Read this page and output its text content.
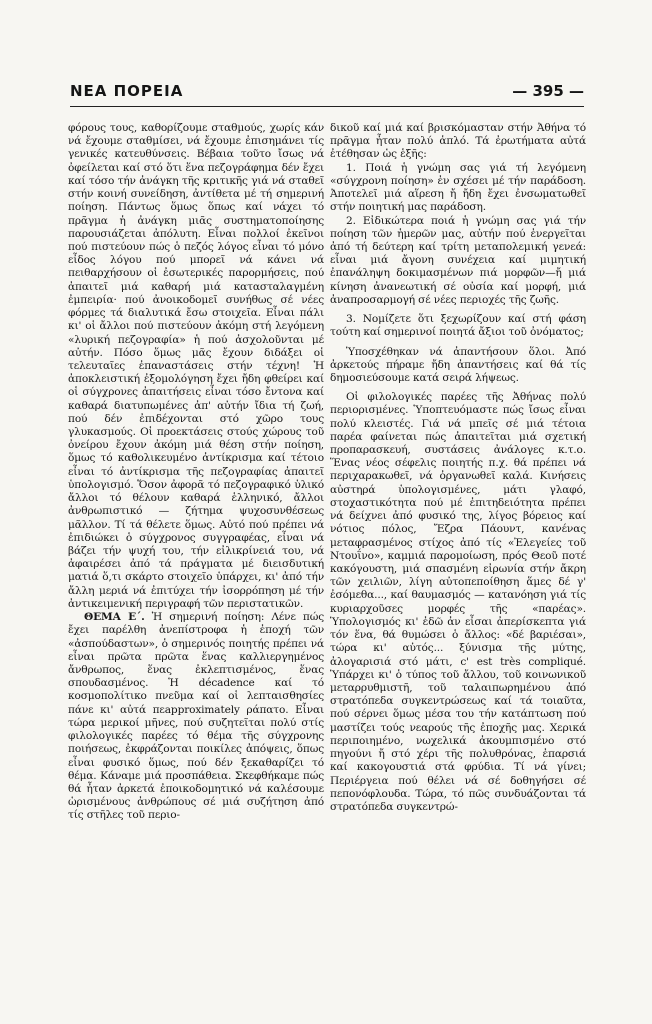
ΝΕΑ ΠΟΡΕΙΑ	— 395 —

φόρους τους, καθορίζουμε σταθμούς, χωρίς κάν νά ἔχουμε σταθμίσει, νά ἔχουμε ἐπισημάνει τίς γενικές κατευθύνσεις. Βέβαια τοῦτο ἴσως νά ὀφείλεται καί στό ὅτι ἕνα πεζογράφημα δέν ἔχει καί τόσο τήν ἀνάγκη τῆς κριτικῆς γιά νά σταθεῖ στήν κοινή συνείδηση, ἀντίθετα μέ τή σημερινή ποίηση. Πάντως ὅμως ὅπως καί νάχει τό πρᾶγμα ἡ ἀνάγκη μιᾶς συστηματοποίησης παρουσιάζεται ἀπόλυτη. Εἶναι πολλοί ἐκεῖνοι πού πιστεύουν πώς ὁ πεζός λόγος εἶναι τό μόνο εἶδος λόγου πού μπορεῖ νά κάνει νά πειθαρχήσουν οἱ ἐσωτερικές παρορμήσεις, πού ἀπαιτεῖ μιά καθαρή μιά κατασταλαγμένη ἐμπειρία· πού ἀνοικοδομεῖ συνήθως σέ νέες φόρμες τά διαλυτικά ἔσω στοιχεῖα. Εἶναι πάλι κι' οἱ ἄλλοι πού πιστεύουν ἀκόμη στή λεγόμενη «λυρική πεζογραφία» ἡ πού ἀσχολοῦνται μέ αὐτήν. Πόσο ὅμως μᾶς ἔχουν διδάξει οἱ τελευταῖες ἐπαναστάσεις στήν τέχνη! Ἡ ἀποκλειστική ἐξομολόγηση ἔχει ἤδη φθείρει καί οἱ σύγχρονες ἀπαιτήσεις εἶναι τόσο ἔντονα καί καθαρά διατυπωμένες ἀπ' αὐτήν ἴδια τή ζωή, πού δέν ἐπιδέχονται στό χῶρο τους γλυκασμούς. Οἱ προεκτάσεις στούς χώρους τοῦ ὀνείρου ἔχουν ἀκόμη μιά θέση στήν ποίηση, ὅμως τό καθολικευμένο ἀντίκρισμα καί τέτοιο εἶναι τό ἀντίκρισμα τῆς πεζογραφίας ἀπαιτεῖ ὑπολογισμό. Ὅσον ἀφορᾶ τό πεζογραφικό ὑλικό ἄλλοι τό θέλουν καθαρά ἑλληνικό, ἄλλοι ἀνθρωπιστικό — ζήτημα ψυχοσυνθέσεως μᾶλλον. Τί τά θέλετε ὅμως. Αὐτό πού πρέπει νά ἐπιδιώκει ὁ σύγχρονος συγγραφέας, εἶναι νά βάζει τήν ψυχή του, τήν εἰλικρίνειά του, νά ἀφαιρέσει ἀπό τά πράγματα μέ διεισδυτική ματιά ὅ,τι σκάρτο στοιχεῖο ὑπάρχει, κι' ἀπό τήν ἄλλη μεριά νά ἐπιτύχει τήν ἰσορρόπηση μέ τήν ἀντικειμενική περιγραφή τῶν περιστατικῶν.

ΘΕΜΑ Ε΄. Ἡ σημερινή ποίηση: Λένε πώς ἔχει παρέλθη ἀνεπίστροφα ἡ ἐποχή τῶν «ἀσπούδαστων», ὁ σημερινός ποιητής πρέπει νά εἶναι πρῶτα πρῶτα ἕνας καλλιεργημένος ἄνθρωπος, ἕνας ἐκλεπτισμένος, ἕνας σπουδασμένος. Ἡ décadence καί τό κοσμοπολίτικο πνεῦμα καί οἱ λεπταισθησίες πάνε κι' αὐτά πεapproximately ράπατο. Εἶναι τώρα μερικοί μῆνες, πού συζητεῖται πολύ στίς φιλολογικές παρέες τό θέμα τῆς σύγχρονης ποιήσεως, ἐκφράζονται ποικίλες ἀπόψεις, ὅπως εἶναι φυσικό ὅμως, πού δέν ξεκαθαρίζει τό θέμα. Κάναμε μιά προσπάθεια. Σκεφθήκαμε πώς θά ἦταν ἀρκετά ἐποικοδομητικό νά καλέσουμε ὡρισμένους ἀνθρώπους σέ μιά συζήτηση ἀπό τίς στῆλες τοῦ περιο-

δικοῦ καί μιά καί βρισκόμασταν στήν Ἀθήνα τό πρᾶγμα ἦταν πολύ ἁπλό. Τά ἐρωτήματα αὐτά ἐτέθησαν ὡς ἑξῆς:

1. Ποιά ἡ γνώμη σας γιά τή λεγόμενη «σύγχρονη ποίηση» ἐν σχέσει μέ τήν παράδοση. Ἀποτελεῖ μιά αἵρεση ἤ ἤδη ἔχει ἐνσωματωθεῖ στήν ποιητική μας παράδοση.

2. Εἰδικώτερα ποιά ἡ γνώμη σας γιά τήν ποίηση τῶν ἡμερῶν μας, αὐτήν πού ἐνεργεῖται ἀπό τή δεύτερη καί τρίτη μεταπολεμική γενεά: εἶναι μιά ἄγονη συνέχεια καί μιμητική ἐπανάληψη δοκιμασμένων πιά μορφῶν—ἤ μιά κίνηση ἀνανεωτική σέ οὐσία καί μορφή, μιά ἀναπροσαρμογή σέ νέες περιοχές τῆς ζωῆς.

3. Νομίζετε ὅτι ξεχωρίζουν καί στή φάση τούτη καί σημερινοί ποιητά ἄξιοι τοῦ ὀνόματος;

Ὑποσχέθηκαν νά ἀπαντήσουν ὅλοι. Ἀπό ἀρκετούς πήραμε ἤδη ἀπαντήσεις καί θά τίς δημοσιεύσουμε κατά σειρά λήψεως.

Οἱ φιλολογικές παρέες τῆς Ἀθήνας πολύ περιορισμένες. Ὑποπτευόμαστε πώς ἴσως εἶναι πολύ κλειστές. Γιά νά μπεῖς σέ μιά τέτοια παρέα φαίνεται πώς ἀπαιτεῖται μιά σχετική προπαρασκευή, συστάσεις ἀνάλογες κ.τ.ο. Ἕνας νέος σέφελις ποιητής π.χ. θά πρέπει νά περιχαρακωθεῖ, νά ὀργανωθεῖ καλά. Κινήσεις αὐστηρά ὑπολογισμένες, μάτι γλαφό, στοχαστικότητα πού μέ ἐπιτηδειότητα πρέπει νά δείχνει ἀπό φυσικό της, λίγος βόρειος καί νότιος πόλος, Ἔζρα Πάουντ, κανένας μεταφρασμένος στίχος ἀπό τίς «Ἐλεγείες τοῦ Ντουΐνο», καμμιά παρομοίωση, πρός Θεοῦ ποτέ κακόγουστη, μιά σπασμένη εἰρωνία στήν ἄκρη τῶν χειλιῶν, λίγη αὐτοπεποίθηση ἅμες δέ γ' ἐσόμεθα..., καί θαυμασμός — κατανόηση γιά τίς κυριαρχοῦσες μορφές τῆς «παρέας». Ὑπολογισμός κι' ἐδῶ ἀν εἶσαι ἀπερίσκεπτα γιά τόν ἕνα, θά θυμώσει ὁ ἄλλος: «δέ βαριέσαι», τώρα κι' αὐτός... ξύνισμα τῆς μύτης, ἀλογαρισιά στό μάτι, c' est très compliqué. Ὑπάρχει κι' ὁ τύπος τοῦ ἄλλου, τοῦ κοινωνικοῦ μεταρρυθμιστῆ, τοῦ ταλαιπωρημένου ἀπό στρατόπεδα συγκεντρώσεως καί τά τοιαῦτα, πού σέρνει ὅμως μέσα του τήν κατάπτωση πού μαστίζει τούς νεαρούς τῆς ἐποχῆς μας. Χερικά περιποιημένο, νωχελικά ἀκουμπισμένο στό πηγούνι ἤ στό χέρι τῆς πολυθρόνας, ἐπαρσιά καί κακογουστιά στά φρύδια. Τί νά γίνει; Περιέργεια πού θέλει νά σέ δοθηγήσει σέ πεπονόφλουδα. Τώρα, τό πῶς συνδυάζονται τά στρατόπεδα συγκεντρώ-
